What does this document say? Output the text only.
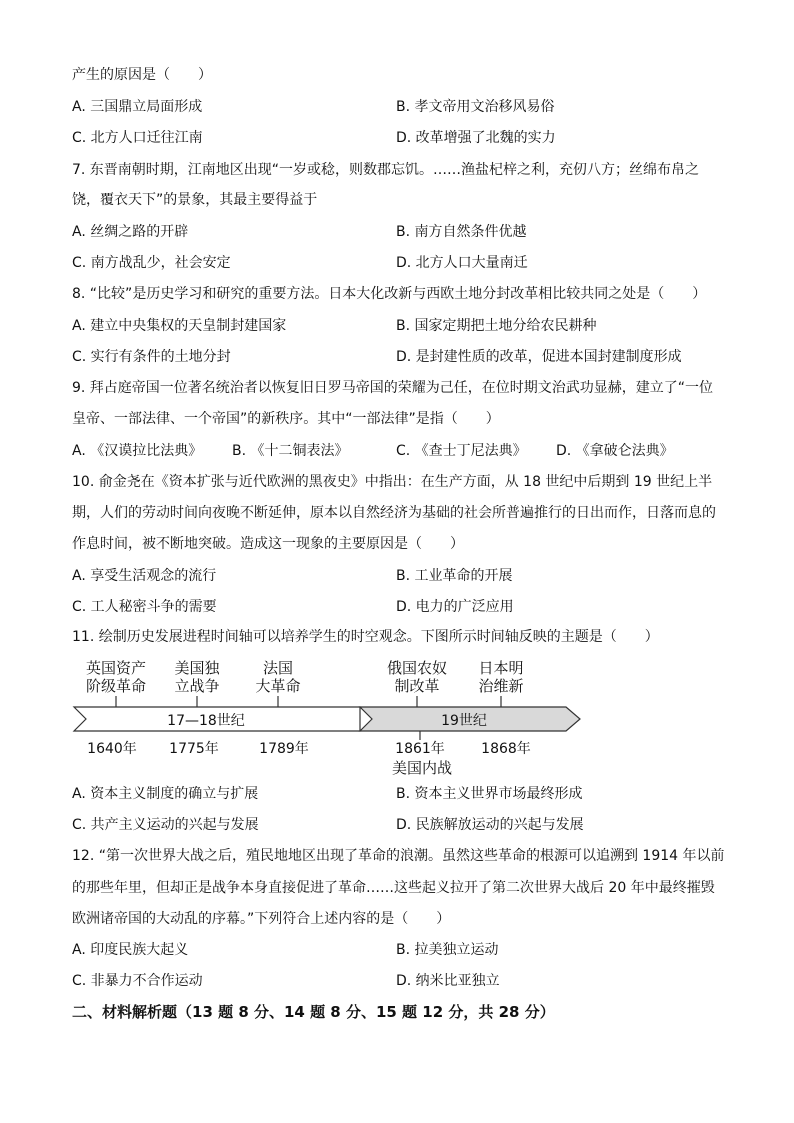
产生的原因是（　　）
A. 三国鼎立局面形成	B. 孝文帝用文治移风易俗
C. 北方人口迁往江南	D. 改革增强了北魏的实力
7. 东晋南朝时期，江南地区出现“一岁或稔，则数郡忘饥。……渔盐杞梓之利，充仞八方；丝绵布帛之
饶，覆衣天下”的景象，其最主要得益于
A. 丝绸之路的开辟	B. 南方自然条件优越
C. 南方战乱少，社会安定	D. 北方人口大量南迁
8. “比较”是历史学习和研究的重要方法。日本大化改新与西欧土地分封改革相比较共同之处是（　　）
A. 建立中央集权的天皇制封建国家	B. 国家定期把土地分给农民耕种
C. 实行有条件的土地分封	D. 是封建性质的改革，促进本国封建制度形成
9. 拜占庭帝国一位著名统治者以恢复旧日罗马帝国的荣耀为己任，在位时期文治武功显赫，建立了“一位
皇帝、一部法律、一个帝国”的新秩序。其中“一部法律”是指（　　）
A. 《汉谟拉比法典》 B. 《十二铜表法》	C. 《查士丁尼法典》 D. 《拿破仑法典》
10. 俞金尧在《资本扩张与近代欧洲的黑夜史》中指出：在生产方面，从 18 世纪中后期到 19 世纪上半
期，人们的劳动时间向夜晚不断延伸，原本以自然经济为基础的社会所普遍推行的日出而作，日落而息的
作息时间，被不断地突破。造成这一现象的主要原因是（　　）
A. 享受生活观念的流行	B. 工业革命的开展
C. 工人秘密斗争的需要	D. 电力的广泛应用
11. 绘制历史发展进程时间轴可以培养学生的时空观念。下图所示时间轴反映的主题是（　　）
17—18世纪	19世纪
英国资产
阶级革命
美国独
立战争
法国
大革命
俄国农奴
制改革
日本明
治维新
1640年 1775年	1789年	1861年	1868年
美国内战
A. 资本主义制度的确立与扩展	B. 资本主义世界市场最终形成
C. 共产主义运动的兴起与发展	D. 民族解放运动的兴起与发展
12. “第一次世界大战之后，殖民地地区出现了革命的浪潮。虽然这些革命的根源可以追溯到 1914 年以前
的那些年里，但却正是战争本身直接促进了革命……这些起义拉开了第二次世界大战后 20 年中最终摧毁
欧洲诸帝国的大动乱的序幕。”下列符合上述内容的是（　　）
A. 印度民族大起义	B. 拉美独立运动
C. 非暴力不合作运动	D. 纳米比亚独立
二、材料解析题（13 题 8 分、14 题 8 分、15 题 12 分，共 28 分）
